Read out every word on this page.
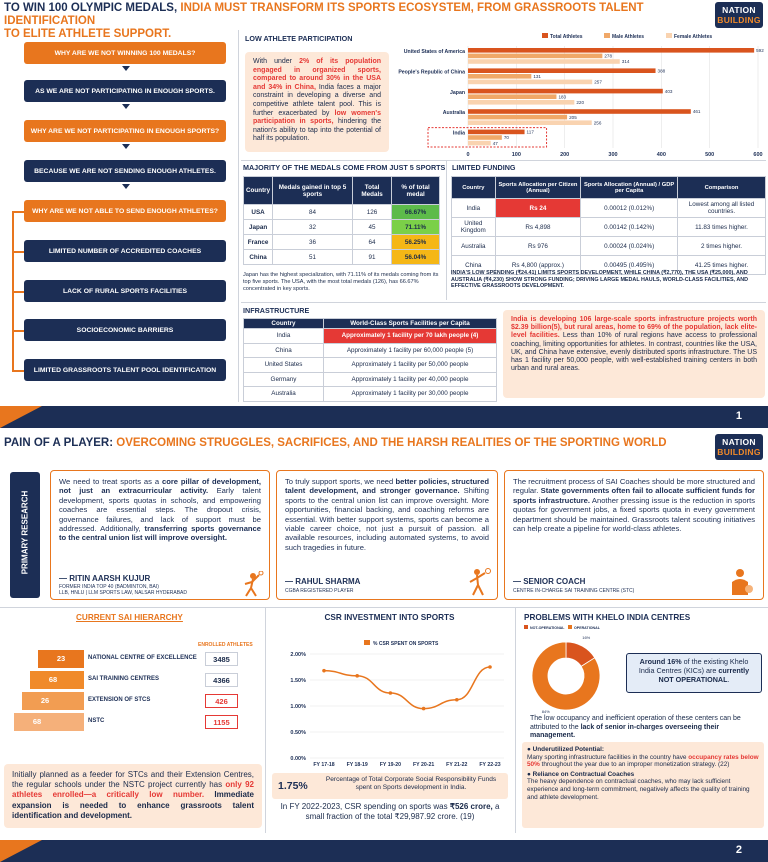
TO WIN 100 OLYMPIC MEDALS, INDIA MUST TRANSFORM ITS SPORTS ECOSYSTEM, FROM GRASSROOTS TALENT IDENTIFICATION
TO ELITE ATHLETE SUPPORT.
NATION
BUILDING
WHY ARE WE NOT WINNING 100 MEDALS?
AS WE ARE NOT PARTICIPATING IN ENOUGH SPORTS.
WHY ARE WE NOT PARTICIPATING IN ENOUGH SPORTS?
BECAUSE WE ARE NOT SENDING ENOUGH ATHLETES.
WHY ARE WE NOT ABLE TO SEND ENOUGH ATHLETES?
LIMITED NUMBER OF ACCREDITED COACHES
LACK OF RURAL SPORTS FACILITIES
SOCIOECONOMIC BARRIERS
LIMITED GRASSROOTS TALENT POOL IDENTIFICATION
LOW ATHLETE PARTICIPATION
With under 2% of its population engaged in organized sports, compared to around 30% in the USA and 34% in China, India faces a major constraint in developing a diverse and competitive athlete talent pool. This is further exacerbated by low women's participation in sports, hindering the nation's ability to tap into the potential of half its population.
Total Athletes	Male Athletes	Female Athletes
0	100	200	300	400	500	600
United States of America	592
278
314
People's Republic of China	388
131
257
Japan	403
183
220
Australia	461
205
256
India	117
70
47
MAJORITY OF THE MEDALS COME FROM JUST 5 SPORTS
Country	Medals gained in top 5 sports	Total Medals	% of total medal
USA	84	126	66.67%
Japan	32	45	71.11%
France	36	64	56.25%
China	51	91	56.04%
Japan has the highest specialization, with 71.11% of its medals coming from its top five sports. The USA, with the most total medals (126), has 66.67% concentrated in key sports.
LIMITED FUNDING
Country	Sports Allocation per Citizen (Annual)	Sports Allocation (Annual) / GDP per Capita	Comparison
India	Rs 24	0.00012 (0.012%)	Lowest among all listed countries.
United Kingdom	Rs 4,898	0.00142 (0.142%)	11.83 times higher.
Australia	Rs 976	0.00024 (0.024%)	2 times higher.
China	Rs 4,800 (approx.)	0.00495 (0.495%)	41.25 times higher.
INDIA'S LOW SPENDING (₹24.41) LIMITS SPORTS DEVELOPMENT, WHILE CHINA (₹2,770), THE USA (₹25,000), AND AUSTRALIA (₹4,230) SHOW STRONG FUNDING; DRIVING LARGE MEDAL HAULS, WORLD-CLASS FACILITIES, AND EFFECTIVE GRASSROOTS DEVELOPMENT.
INFRASTRUCTURE
Country	World-Class Sports Facilities per Capita
India	Approximately 1 facility per 70 lakh people (4)
China	Approximately 1 facility per 60,000 people (5)
United States	Approximately 1 facility per 50,000 people
Germany	Approximately 1 facility per 40,000 people
Australia	Approximately 1 facility per 30,000 people
India is developing 106 large-scale sports infrastructure projects worth $2.39 billion(5), but rural areas, home to 69% of the population, lack elite-level facilities. Less than 10% of rural regions have access to professional coaching, limiting opportunities for athletes. In contrast, countries like the USA, UK, and China have extensive, evenly distributed sports infrastructure. The US has 1 facility per 50,000 people, with well-established training centers in both urban and rural areas.
1
PAIN OF A PLAYER: OVERCOMING STRUGGLES, SACRIFICES, AND THE HARSH REALITIES OF THE SPORTING WORLD	NATION
BUILDING
PRIMARY RESEARCH
We need to treat sports as a core pillar of development, not just an extracurricular activity. Early talent development, sports quotas in schools, and empowering coaches are essential steps. The dropout crisis, governance failures, and lack of support must be addressed. Additionally, transferring sports governance to the central union list will improve oversight.
— RITIN AARSH KUJUR
FORMER INDIA TOP 40 (BADMINTON, BAI)
LLB, HNLU | LLM SPORTS LAW, NALSAR HYDERABAD
To truly support sports, we need better policies, structured talent development, and stronger governance. Shifting sports to the central union list can improve oversight. More opportunities, financial backing, and coaching reforms are essential. With better support systems, sports can become a viable career choice, not just a pursuit of passion. all available resources, including automated systems, to avoid such tragedies in future.
— RAHUL SHARMA
CGBA REGISTERED PLAYER
The recruitment process of SAI Coaches should be more structured and regular. State governments often fail to allocate sufficient funds for sports infrastructure. Another pressing issue is the reduction in sports quotas for government jobs, a fixed sports quota in every government department should be maintained. Grassroots talent scouting initiatives can help create a pipeline for world-class athletes.
— SENIOR COACH
CENTRE IN-CHARGE SAI TRAINING CENTRE (STC)
CURRENT SAI HIERARCHY
ENROLLED ATHLETES
23	NATIONAL CENTRE OF EXCELLENCE	3485
68	SAI TRAINING CENTRES	4366
26	EXTENSION OF STCS	426
68	NSTC	1155
Initially planned as a feeder for STCs and their Extension Centres, the regular schools under the NSTC project currently has only 92 athletes enrolled—a critically low number. Immediate expansion is needed to enhance grassroots talent identification and development.
CSR INVESTMENT INTO SPORTS
% CSR SPENT ON SPORTS
0.00%
0.50%
1.00%
1.50%
2.00%
FY 17-18 FY 18-19 FY 19-20 FY 20-21 FY 21-22 FY 22-23
1.75%
Percentage of Total Corporate Social Responsibility Funds spent on Sports development in India.
In FY 2022-2023, CSR spending on sports was ₹526 crore, a small fraction of the total ₹29,987.92 crore. (19)
PROBLEMS WITH KHELO INDIA CENTRES
NOT-OPERATIONAL	OPERATIONAL
16%
84%
Around 16% of the existing Khelo India Centres (KICs) are currently NOT OPERATIONAL.
The low occupancy and inefficient operation of these centers can be attributed to the lack of senior in-charges overseeing their management.
● Underutilized Potential:
Many sporting infrastructure facilities in the country have occupancy rates below 50% throughout the year due to an improper monetization strategy. (22)
● Reliance on Contractual Coaches
The heavy dependence on contractual coaches, who may lack sufficient experience and long-term commitment, negatively affects the quality of training and athlete development.
2
